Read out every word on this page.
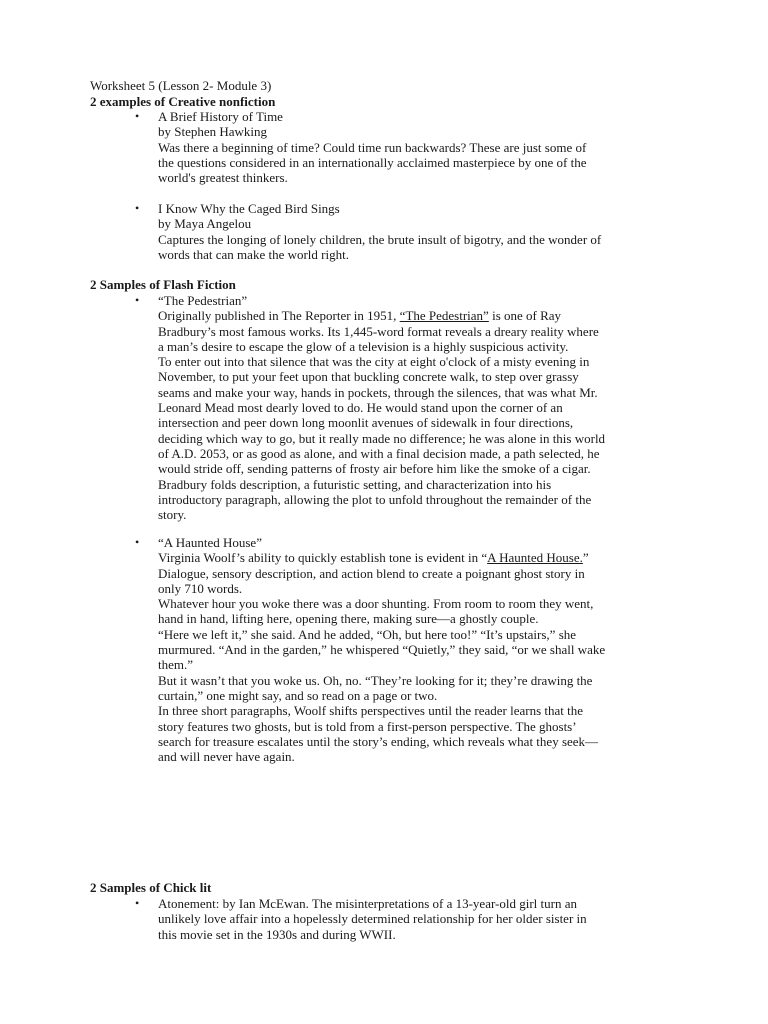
Worksheet 5 (Lesson 2- Module 3)
2 examples of Creative nonfiction
• A Brief History of Time
by Stephen Hawking
Was there a beginning of time? Could time run backwards? These are just some of
the questions considered in an internationally acclaimed masterpiece by one of the
world's greatest thinkers.
• I Know Why the Caged Bird Sings
by Maya Angelou
Captures the longing of lonely children, the brute insult of bigotry, and the wonder of
words that can make the world right.
2 Samples of Flash Fiction
• “The Pedestrian”
Originally published in The Reporter in 1951, “The Pedestrian” is one of Ray
Bradbury’s most famous works. Its 1,445-word format reveals a dreary reality where
a man’s desire to escape the glow of a television is a highly suspicious activity.
To enter out into that silence that was the city at eight o'clock of a misty evening in
November, to put your feet upon that buckling concrete walk, to step over grassy
seams and make your way, hands in pockets, through the silences, that was what Mr.
Leonard Mead most dearly loved to do. He would stand upon the corner of an
intersection and peer down long moonlit avenues of sidewalk in four directions,
deciding which way to go, but it really made no difference; he was alone in this world
of A.D. 2053, or as good as alone, and with a final decision made, a path selected, he
would stride off, sending patterns of frosty air before him like the smoke of a cigar.
Bradbury folds description, a futuristic setting, and characterization into his
introductory paragraph, allowing the plot to unfold throughout the remainder of the
story.
• “A Haunted House”
Virginia Woolf’s ability to quickly establish tone is evident in “A Haunted House.”
Dialogue, sensory description, and action blend to create a poignant ghost story in
only 710 words.
Whatever hour you woke there was a door shunting. From room to room they went,
hand in hand, lifting here, opening there, making sure—a ghostly couple.
“Here we left it,” she said. And he added, “Oh, but here too!” “It’s upstairs,” she
murmured. “And in the garden,” he whispered “Quietly,” they said, “or we shall wake
them.”
But it wasn’t that you woke us. Oh, no. “They’re looking for it; they’re drawing the
curtain,” one might say, and so read on a page or two.
In three short paragraphs, Woolf shifts perspectives until the reader learns that the
story features two ghosts, but is told from a first-person perspective. The ghosts’
search for treasure escalates until the story’s ending, which reveals what they seek—
and will never have again.
2 Samples of Chick lit
• Atonement: by Ian McEwan. The misinterpretations of a 13-year-old girl turn an
unlikely love affair into a hopelessly determined relationship for her older sister in
this movie set in the 1930s and during WWII.
